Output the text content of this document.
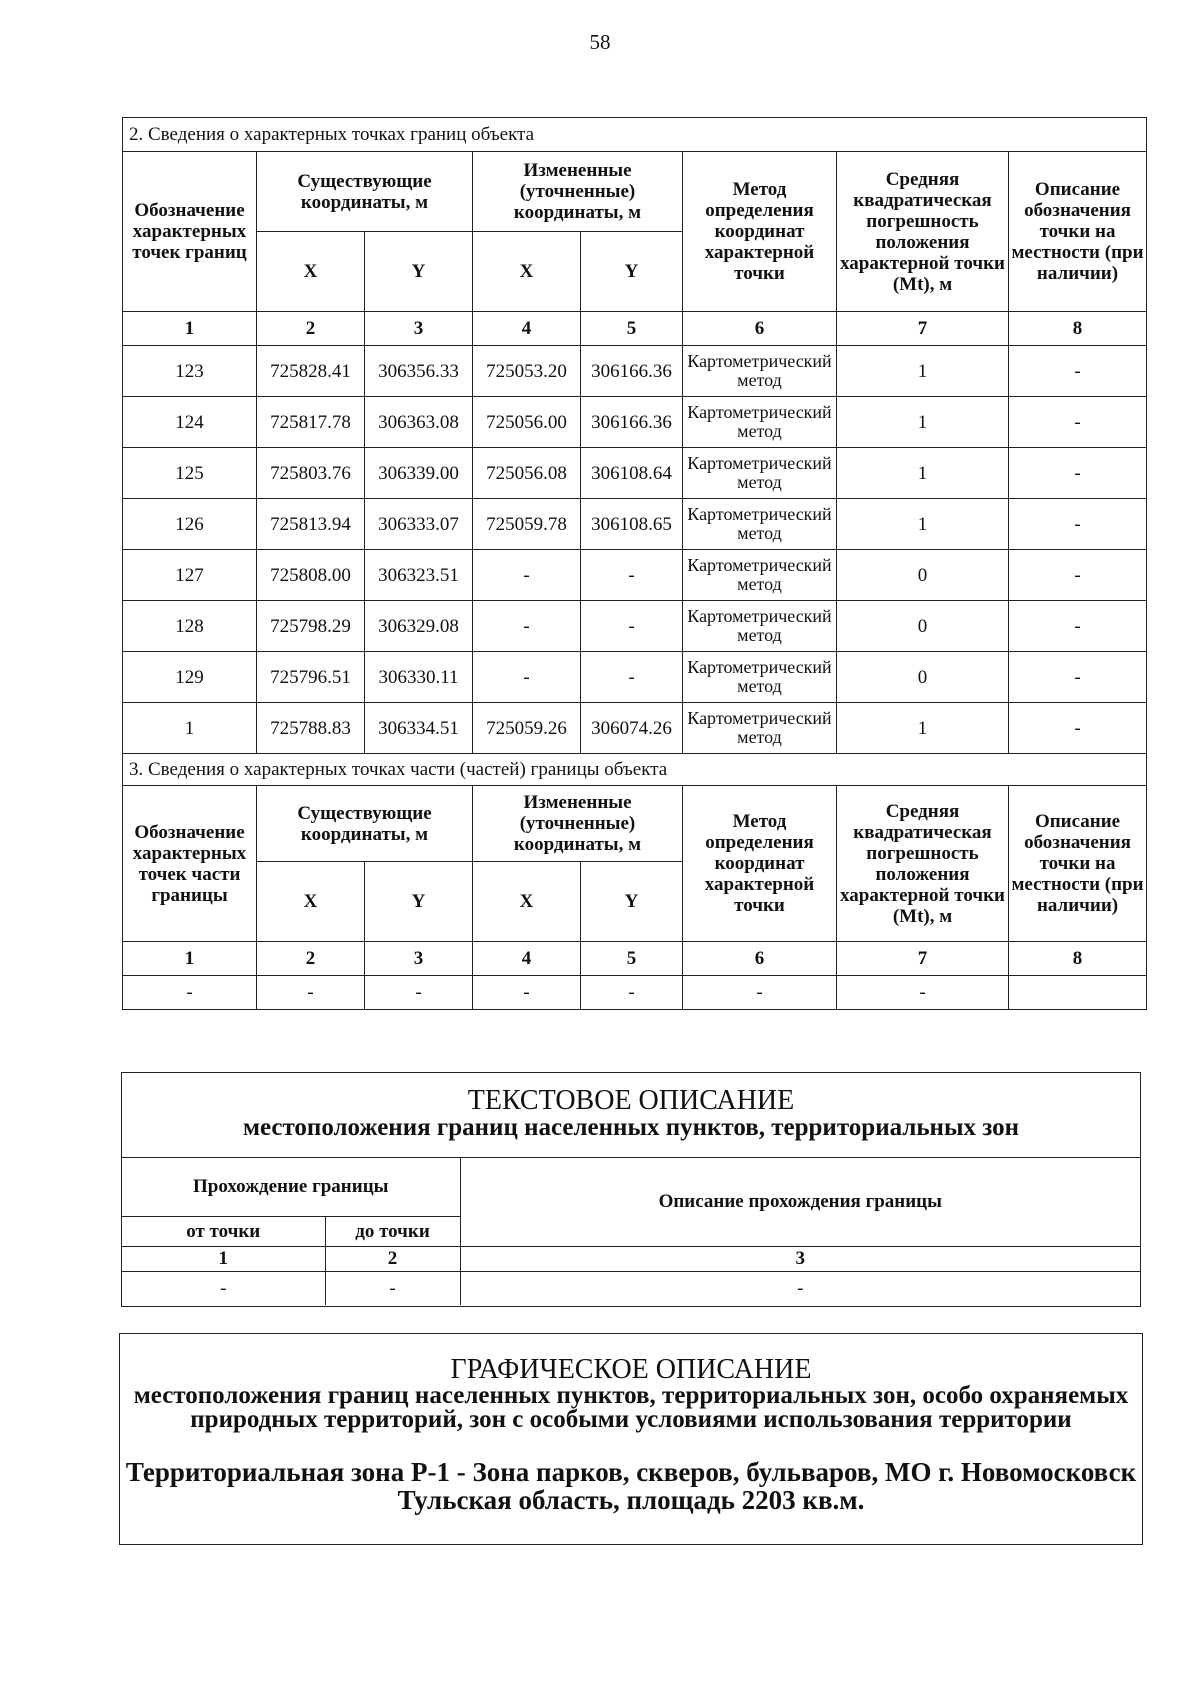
58
2. Сведения о характерных точках границ объекта							
Обозначение характерных точек границ	Существующие координаты, м		Измененные (уточненные) координаты, м		Метод определения координат характерной точки	Средняя квадратическая погрешность положения характерной точки (Mt), м	Описание обозначения точки на местности (при наличии)
	X	Y	X	Y			
1	2	3	4	5	6	7	8
123	725828.41	306356.33	725053.20	306166.36	Картометрический метод	1	-
124	725817.78	306363.08	725056.00	306166.36	Картометрический метод	1	-
125	725803.76	306339.00	725056.08	306108.64	Картометрический метод	1	-
126	725813.94	306333.07	725059.78	306108.65	Картометрический метод	1	-
127	725808.00	306323.51	-	-	Картометрический метод	0	-
128	725798.29	306329.08	-	-	Картометрический метод	0	-
129	725796.51	306330.11	-	-	Картометрический метод	0	-
1	725788.83	306334.51	725059.26	306074.26	Картометрический метод	1	-
3. Сведения о характерных точках части (частей) границы объекта							
Обозначение характерных точек части границы	Существующие координаты, м		Измененные (уточненные) координаты, м		Метод определения координат характерной точки	Средняя квадратическая погрешность положения характерной точки (Mt), м	Описание обозначения точки на местности (при наличии)
	X	Y	X	Y			
1	2	3	4	5	6	7	8
-	-	-	-	-	-	-	
ТЕКСТОВОЕ ОПИСАНИЕ
местоположения границ населенных пунктов, территориальных зон
Прохождение границы		Описание прохождения границы
от точки	до точки	
1	2	3
-	-	-
ГРАФИЧЕСКОЕ ОПИСАНИЕ
местоположения границ населенных пунктов, территориальных зон, особо охраняемых природных территорий, зон с особыми условиями использования территории
Территориальная зона Р-1 - Зона парков, скверов, бульваров, МО г. Новомосковск Тульская область, площадь 2203 кв.м.
